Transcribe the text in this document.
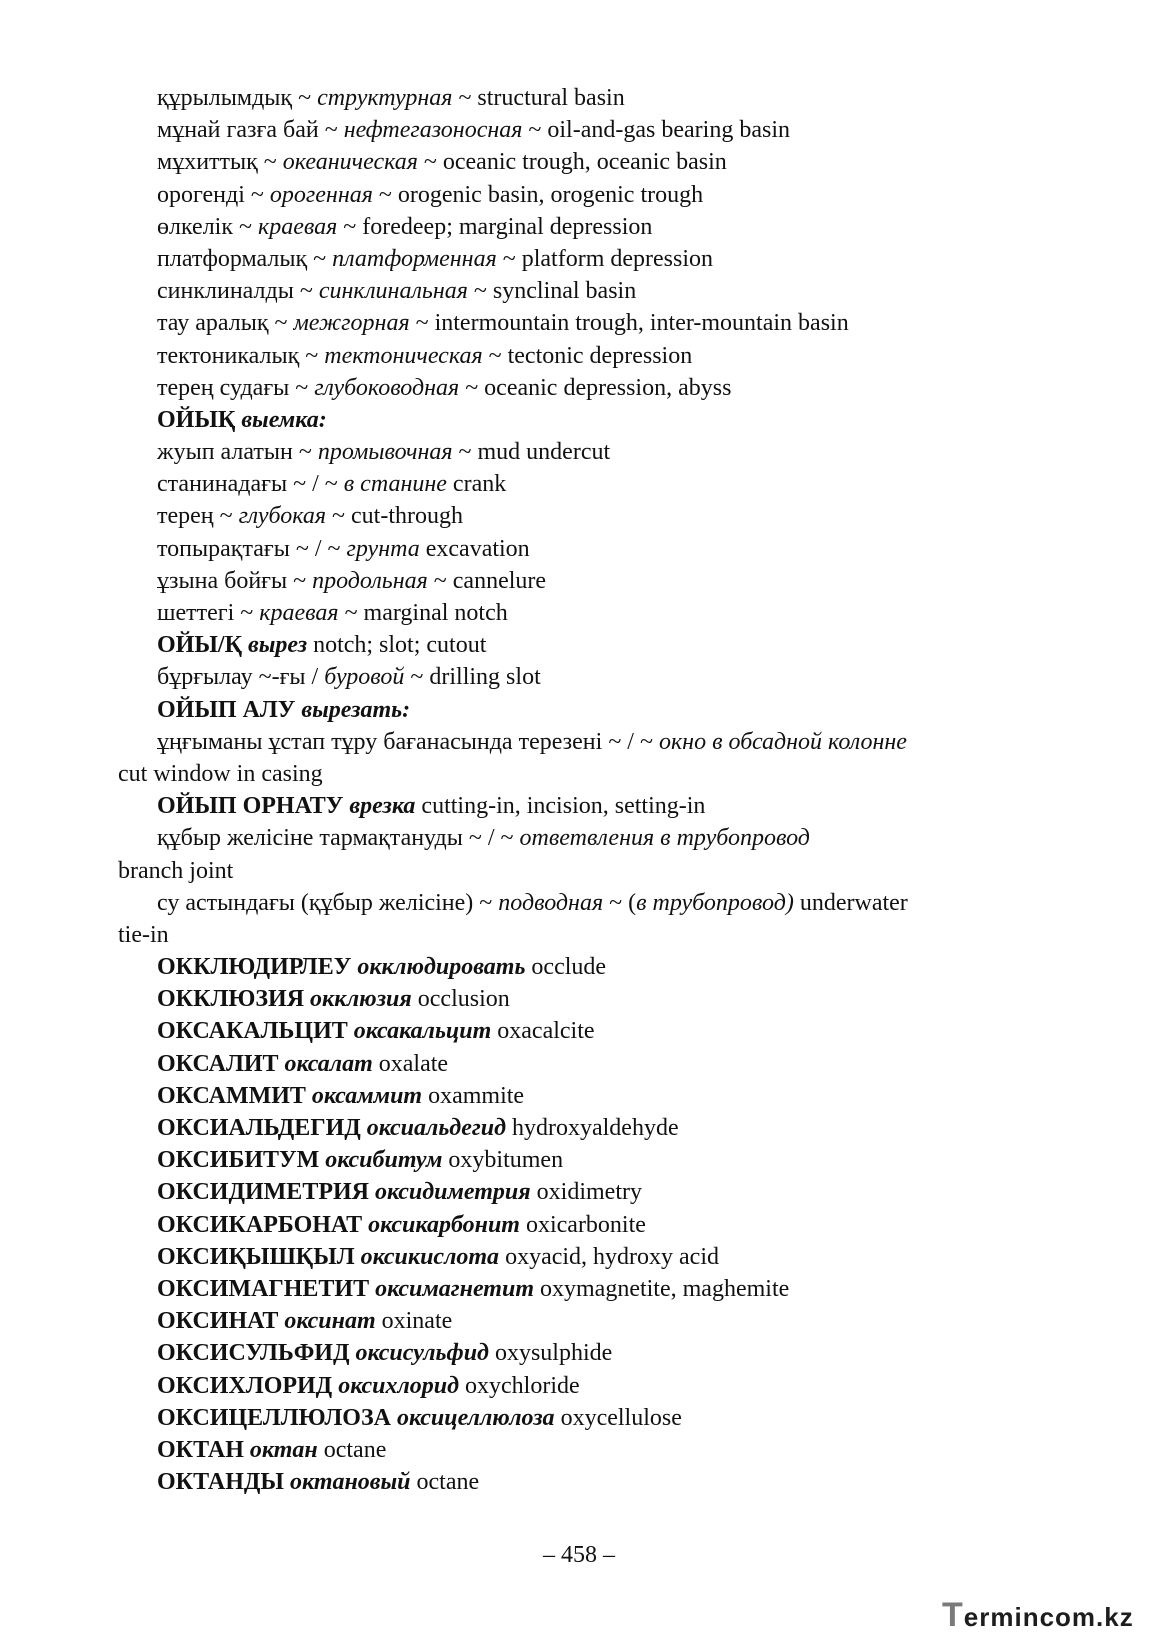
құрылымдық ~ структурная ~ structural basin
мұнай газға бай ~ нефтегазоносная ~ oil-and-gas bearing basin
мұхиттық ~ океаническая ~ oceanic trough, oceanic basin
орогенді ~ орогенная ~ orogenic basin, orogenic trough
өлкелік ~ краевая ~ foredeep; marginal depression
платформалық ~ платформенная ~ platform depression
синклиналды ~ синклинальная ~ synclinal basin
тау аралық ~ межгорная ~ intermountain trough, inter-mountain basin
тектоникалық ~ тектоническая ~ tectonic depression
терең судағы ~ глубоководная ~ oceanic depression, abyss
ОЙЫҚ выемка:
жуып алатын ~ промывочная ~ mud undercut
станинадағы ~ / ~ в станине crank
терең ~ глубокая ~ cut-through
топырақтағы ~ / ~ грунта excavation
ұзына бойғы ~ продольная ~ cannelure
шеттегі ~ краевая ~ marginal notch
ОЙЫ/Қ вырез notch; slot; cutout
бұрғылау ~-ғы / буровой ~ drilling slot
ОЙЫП АЛУ вырезать:
ұңғыманы ұстап тұру бағанасында терезені ~ / ~ окно в обсадной колонне
cut window in casing
ОЙЫП ОРНАТУ врезка cutting-in, incision, setting-in
құбыр желісіне тармақтануды ~ / ~ ответвления в трубопровод
branch joint
су астындағы (құбыр желісіне) ~ подводная ~ (в трубопровод) underwater
tie-in
ОККЛЮДИРЛЕУ окклюдировать occlude
ОККЛЮЗИЯ окклюзия occlusion
ОКСАКАЛЬЦИТ оксакальцит oxacalcite
ОКСАЛИТ оксалат oxalate
ОКСАММИТ оксаммит oxammite
ОКСИАЛЬДЕГИД оксиальдегид hydroxyaldehyde
ОКСИБИТУМ оксибитум oxybitumen
ОКСИДИМЕТРИЯ оксидиметрия oxidimetry
ОКСИКАРБОНАТ оксикарбонит oxicarbonite
ОКСИҚЫШҚЫЛ оксикислота oxyacid, hydroxy acid
ОКСИМАГНЕТИТ оксимагнетит oxymagnetite, maghemite
ОКСИНАТ оксинат oxinate
ОКСИСУЛЬФИД оксисульфид oxysulphide
ОКСИХЛОРИД оксихлорид oxychloride
ОКСИЦЕЛЛЮЛОЗА оксицеллюлоза oxycellulose
ОКТАН октан octane
ОКТАНДЫ октановый octane
– 458 –
Termincom.kz
